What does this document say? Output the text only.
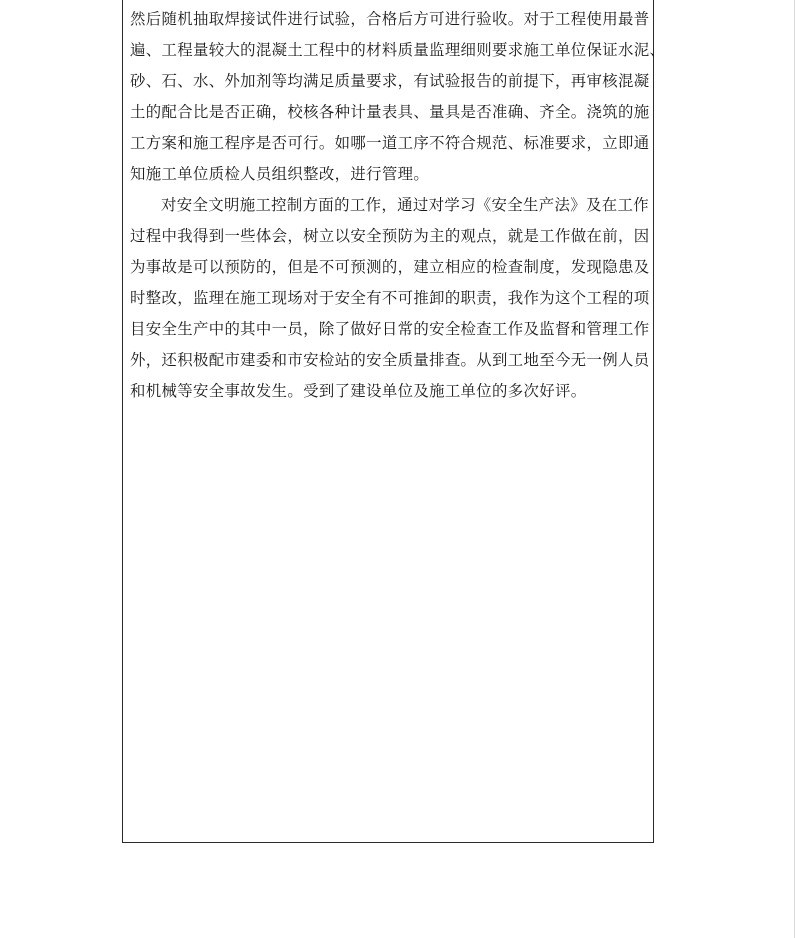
然后随机抽取焊接试件进行试验，合格后方可进行验收。对于工程使用最普
遍、工程量较大的混凝土工程中的材料质量监理细则要求施工单位保证水泥、
砂、石、水、外加剂等均满足质量要求，有试验报告的前提下，再审核混凝
土的配合比是否正确，校核各种计量表具、量具是否准确、齐全。浇筑的施
工方案和施工程序是否可行。如哪一道工序不符合规范、标准要求，立即通
知施工单位质检人员组织整改，进行管理。
对安全文明施工控制方面的工作，通过对学习《安全生产法》及在工作
过程中我得到一些体会，树立以安全预防为主的观点，就是工作做在前，因
为事故是可以预防的，但是不可预测的，建立相应的检查制度，发现隐患及
时整改，监理在施工现场对于安全有不可推卸的职责，我作为这个工程的项
目安全生产中的其中一员，除了做好日常的安全检查工作及监督和管理工作
外，还积极配市建委和市安检站的安全质量排查。从到工地至今无一例人员
和机械等安全事故发生。受到了建设单位及施工单位的多次好评。
